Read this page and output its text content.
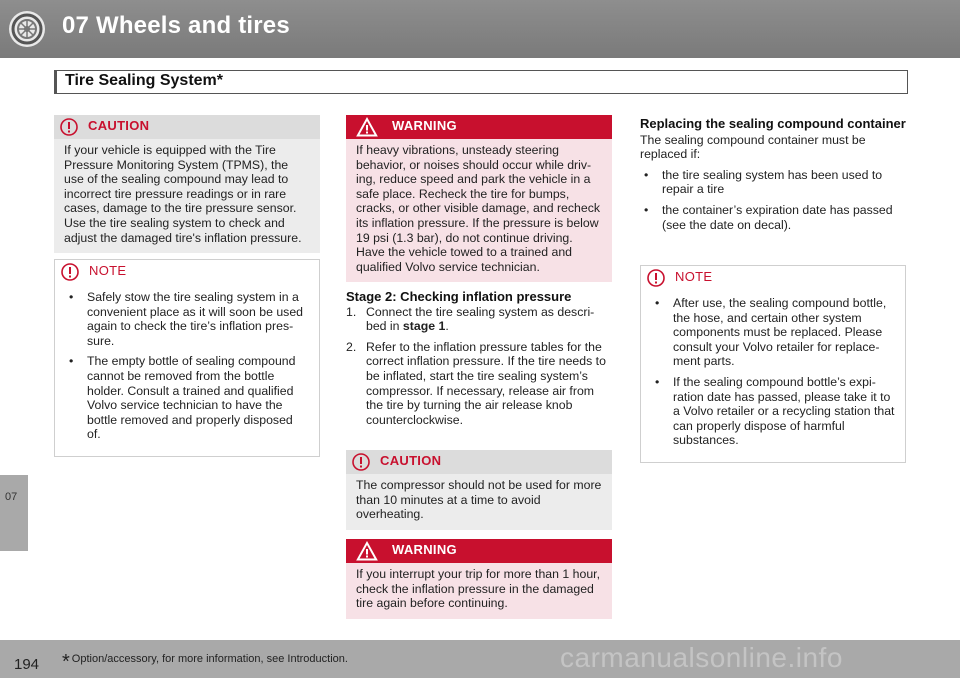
07 Wheels and tires
Tire Sealing System*
07
CAUTION
If your vehicle is equipped with the Tire Pressure Monitoring System (TPMS), the use of the sealing compound may lead to incorrect tire pressure readings or in rare cases, damage to the tire pressure sensor. Use the tire sealing system to check and adjust the damaged tire's inflation pressure.
NOTE
• Safely stow the tire sealing system in a convenient place as it will soon be used again to check the tire’s inflation pres-sure.
• The empty bottle of sealing compound cannot be removed from the bottle holder. Consult a trained and qualified Volvo service technician to have the bottle removed and properly disposed of.
WARNING
If heavy vibrations, unsteady steering behavior, or noises should occur while driv-ing, reduce speed and park the vehicle in a safe place. Recheck the tire for bumps, cracks, or other visible damage, and recheck its inflation pressure. If the pressure is below 19 psi (1.3 bar), do not continue driving. Have the vehicle towed to a trained and qualified Volvo service technician.
Stage 2: Checking inflation pressure
1. Connect the tire sealing system as descri-bed in stage 1.
2. Refer to the inflation pressure tables for the correct inflation pressure. If the tire needs to be inflated, start the tire sealing system’s compressor. If necessary, release air from the tire by turning the air release knob counterclockwise.
CAUTION
The compressor should not be used for more than 10 minutes at a time to avoid overheating.
WARNING
If you interrupt your trip for more than 1 hour, check the inflation pressure in the damaged tire again before continuing.
Replacing the sealing compound container
The sealing compound container must be replaced if:
• the tire sealing system has been used to repair a tire
• the container’s expiration date has passed (see the date on decal).
NOTE
• After use, the sealing compound bottle, the hose, and certain other system components must be replaced. Please consult your Volvo retailer for replace-ment parts.
• If the sealing compound bottle’s expi-ration date has passed, please take it to a Volvo retailer or a recycling station that can properly dispose of harmful substances.
194 * Option/accessory, for more information, see Introduction.	carmanualsonline.info
